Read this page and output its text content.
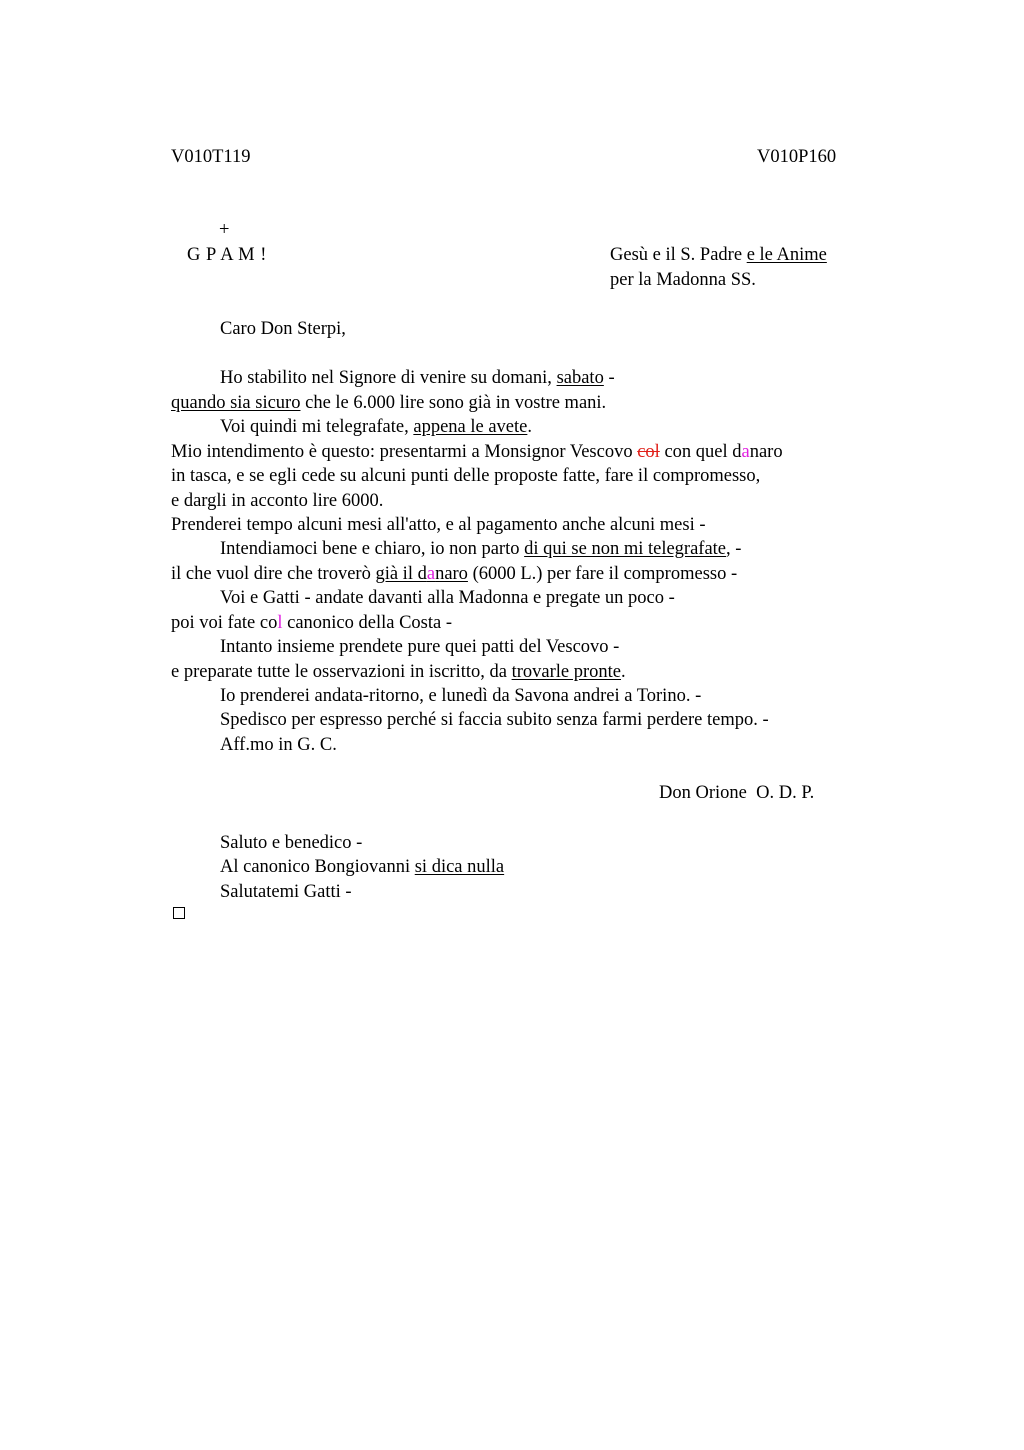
V010T119	V010P160
+
G P A M !	Gesù e il S. Padre e le Anime
per la Madonna SS.
Caro Don Sterpi,
Ho stabilito nel Signore di venire su domani, sabato -
quando sia sicuro che le 6.000 lire sono già in vostre mani.
Voi quindi mi telegrafate, appena le avete.
Mio intendimento è questo: presentarmi a Monsignor Vescovo col con quel danaro
in tasca, e se egli cede su alcuni punti delle proposte fatte, fare il compromesso,
e dargli in acconto lire 6000.
Prenderei tempo alcuni mesi all'atto, e al pagamento anche alcuni mesi -
Intendiamoci bene e chiaro, io non parto di qui se non mi telegrafate, -
il che vuol dire che troverò già il danaro (6000 L.) per fare il compromesso -
Voi e Gatti - andate davanti alla Madonna e pregate un poco -
poi voi fate col canonico della Costa -
Intanto insieme prendete pure quei patti del Vescovo -
e preparate tutte le osservazioni in iscritto, da trovarle pronte.
Io prenderei andata-ritorno, e lunedì da Savona andrei a Torino. -
Spedisco per espresso perché si faccia subito senza farmi perdere tempo. -
Aff.mo in G. C.
Don Orione  O. D. P.
Saluto e benedico -
Al canonico Bongiovanni si dica nulla
Salutatemi Gatti -
